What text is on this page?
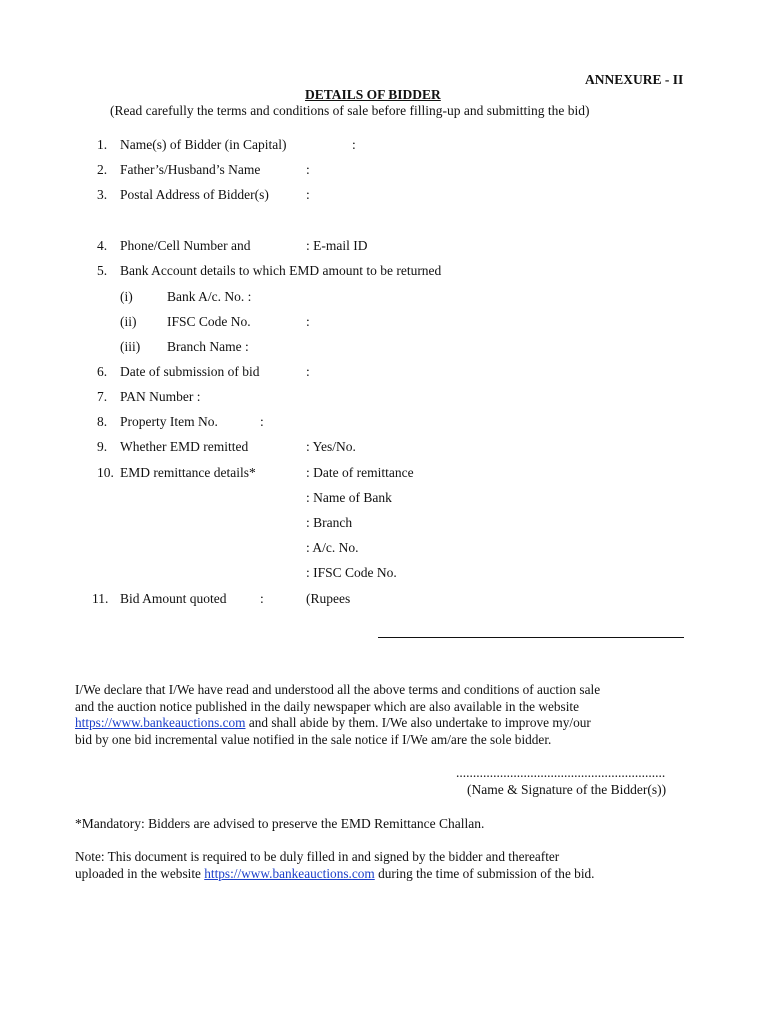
ANNEXURE - II
DETAILS OF BIDDER
(Read carefully the terms and conditions of sale before filling-up and submitting the bid)
1. Name(s) of Bidder (in Capital)	:
2. Father’s/Husband’s Name	:
3. Postal Address of Bidder(s)	:
4. Phone/Cell Number and	: E-mail ID
5. Bank Account details to which EMD amount to be returned
(i)	Bank A/c. No. :
(ii) IFSC Code No.	:
(iii) Branch Name :
6. Date of submission of bid	:
7. PAN Number :
8. Property Item No.	:
9. Whether EMD remitted	: Yes/No.
10. EMD remittance details*	: Date of remittance
: Name of Bank
: Branch
: A/c. No.
: IFSC Code No.
11. Bid Amount quoted :	(Rupees
I/We declare that I/We have read and understood all the above terms and conditions of auction sale
and the auction notice published in the daily newspaper which are also available in the website
https://www.bankeauctions.com and shall abide by them. I/We also undertake to improve my/our
bid by one bid incremental value notified in the sale notice if I/We am/are the sole bidder.
..............................................................
(Name & Signature of the Bidder(s))
*Mandatory: Bidders are advised to preserve the EMD Remittance Challan.
Note: This document is required to be duly filled in and signed by the bidder and thereafter
uploaded in the website https://www.bankeauctions.com during the time of submission of the bid.
